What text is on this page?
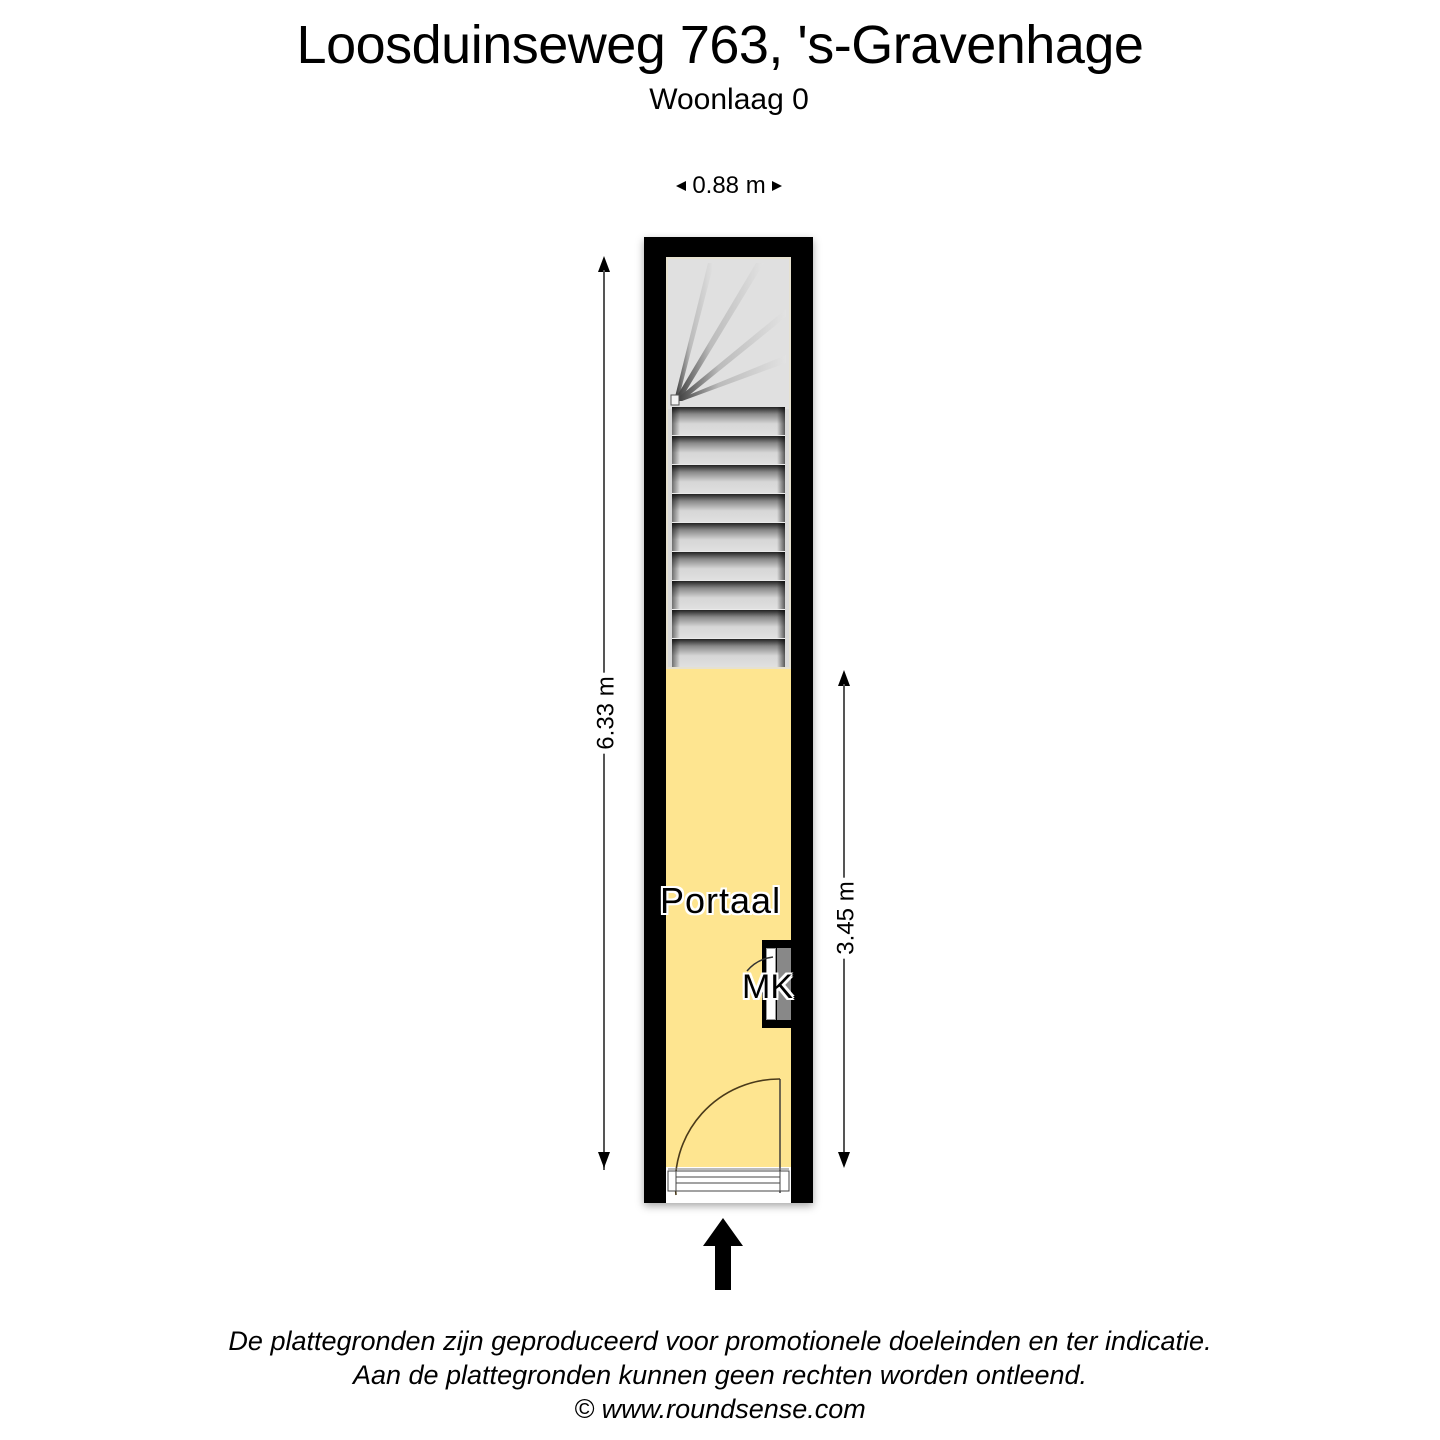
Loosduinseweg 763, 's-Gravenhage
Woonlaag 0
0.88 m
6.33 m
3.45 m
Portaal
MK
De plattegronden zijn geproduceerd voor promotionele doeleinden en ter indicatie.
Aan de plattegronden kunnen geen rechten worden ontleend.
© www.roundsense.com
